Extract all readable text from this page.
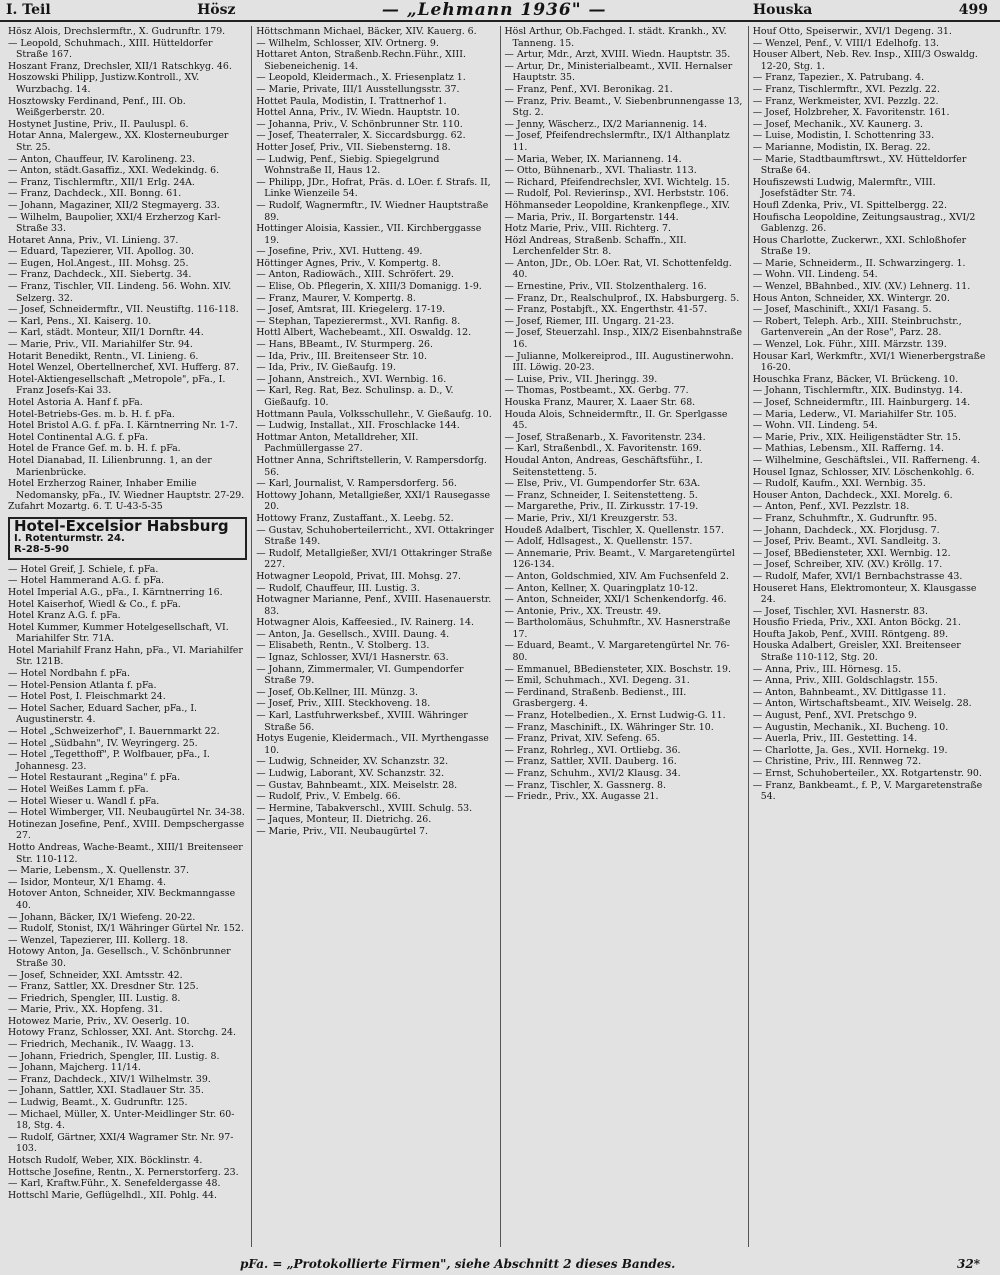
I. Teil	Hösz	— „Lehmann 1936" —	Houska	499

Hösz Alois, Drechslermftr., X. Gudrunftr. 179.

— Leopold, Schuhmach., XIII. Hütteldorfer Straße 167.

Hoszant Franz, Drechsler, XII/1 Ratschkyg. 46.

Hoszowski Philipp, Justizw.Kontroll., XV. Wurzbachg. 14.

Hosztowsky Ferdinand, Penf., III. Ob. Weißgerberstr. 20.

Hostynet Justine, Priv., II. Pauluspl. 6.

Hotar Anna, Malergew., XX. Klosterneuburger Str. 25.

— Anton, Chauffeur, IV. Karolineng. 23.

— Anton, städt.Gasaffiz., XXI. Wedekindg. 6.

— Franz, Tischlermftr., XII/1 Erlg. 24A.

— Franz, Dachdeck., XII. Bonng. 61.

— Johann, Magaziner, XII/2 Stegmayerg. 33.

— Wilhelm, Baupolier, XXI/4 Erzherzog Karl-Straße 33.

Hotaret Anna, Priv., VI. Linieng. 37.

— Eduard, Tapezierer, VII. Apollog. 30.

— Eugen, Hol.Angest., III. Mohsg. 25.

— Franz, Dachdeck., XII. Siebertg. 34.

— Franz, Tischler, VII. Lindeng. 56. Wohn. XIV. Selzerg. 32.

— Josef, Schneidermftr., VII. Neustiftg. 116-118.

— Karl, Pens., XI. Kaiserg. 10.

— Karl, städt. Monteur, XII/1 Dornftr. 44.

— Marie, Priv., VII. Mariahilfer Str. 94.

Hotarit Benedikt, Rentn., VI. Linieng. 6.

Hotel Wenzel, Obertellnerchef, XVI. Hufferg. 87.

Hotel-Aktiengesellschaft „Metropole", pFa., I. Franz Josefs-Kai 33.

Hotel Astoria A. Hanf f. pFa.

Hotel-Betriebs-Ges. m. b. H. f. pFa.

Hotel Bristol A.G. f. pFa. I. Kärntnerring Nr. 1-7.

Hotel Continental A.G. f. pFa.

Hotel de France Gef. m. b. H. f. pFa.

Hotel Dianabad, II. Lilienbrunng. 1, an der Marienbrücke.

Hotel Erzherzog Rainer, Inhaber Emilie Nedomansky, pFa., IV. Wiedner Hauptstr. 27-29.

Zufahrt Mozartg. 6. T. U-43-5-35

Hotel-Excelsior Habsburg
I. Rotenturmstr. 24.
R-28-5-90

— Hotel Greif, J. Schiele, f. pFa.

— Hotel Hammerand A.G. f. pFa.

Hotel Imperial A.G., pFa., I. Kärntnerring 16.

Hotel Kaiserhof, Wiedl & Co., f. pFa.

Hotel Kranz A.G. f. pFa.

Hotel Kummer, Kummer Hotelgesellschaft, VI. Mariahilfer Str. 71A.

Hotel Mariahilf Franz Hahn, pFa., VI. Mariahilfer Str. 121B.

— Hotel Nordbahn f. pFa.

— Hotel-Pension Atlanta f. pFa.

— Hotel Post, I. Fleischmarkt 24.

— Hotel Sacher, Eduard Sacher, pFa., I. Augustinerstr. 4.

— Hotel „Schweizerhof", I. Bauernmarkt 22.

— Hotel „Südbahn", IV. Weyringerg. 25.

— Hotel „Tegetthoff", P. Wolfbauer, pFa., I. Johannesg. 23.

— Hotel Restaurant „Regina" f. pFa.

— Hotel Weißes Lamm f. pFa.

— Hotel Wieser u. Wandl f. pFa.

— Hotel Wimberger, VII. Neubaugürtel Nr. 34-38.

Hotinezan Josefine, Penf., XVIII. Dempschergasse 27.

Hotto Andreas, Wache-Beamt., XIII/1 Breitenseer Str. 110-112.

— Marie, Lebensm., X. Quellenstr. 37.

— Isidor, Monteur, X/1 Ehamg. 4.

Hotover Anton, Schneider, XIV. Beckmanngasse 40.

— Johann, Bäcker, IX/1 Wiefeng. 20-22.

— Rudolf, Stonist, IX/1 Währinger Gürtel Nr. 152.

— Wenzel, Tapezierer, III. Kollerg. 18.

Hotowy Anton, Ja. Gesellsch., V. Schönbrunner Straße 30.

— Josef, Schneider, XXI. Amtsstr. 42.

— Franz, Sattler, XX. Dresdner Str. 125.

— Friedrich, Spengler, III. Lustig. 8.

— Marie, Priv., XX. Hopfeng. 31.

Hotowez Marie, Priv., XV. Oeserlg. 10.

Hotowy Franz, Schlosser, XXI. Ant. Storchg. 24.

— Friedrich, Mechanik., IV. Waagg. 13.

— Johann, Friedrich, Spengler, III. Lustig. 8.

— Johann, Majcherg. 11/14.

— Franz, Dachdeck., XIV/1 Wilhelmstr. 39.

— Johann, Sattler, XXI. Stadlauer Str. 35.

— Ludwig, Beamt., X. Gudrunftr. 125.

— Michael, Müller, X. Unter-Meidlinger Str. 60-18, Stg. 4.

— Rudolf, Gärtner, XXI/4 Wagramer Str. Nr. 97-103.

Hotsch Rudolf, Weber, XIX. Böcklinstr. 4.

Hottsche Josefine, Rentn., X. Pernerstorferg. 23.

— Karl, Kraftw.Führ., X. Senefeldergasse 48.

Hottschl Marie, Geflügelhdl., XII. Pohlg. 44.

Höttschmann Michael, Bäcker, XIV. Kauerg. 6.

— Wilhelm, Schlosser, XIV. Ortnerg. 9.

Hottaret Anton, Straßenb.Rechn.Führ., XIII. Siebeneichenig. 14.

— Leopold, Kleidermach., X. Friesenplatz 1.

— Marie, Private, III/1 Ausstellungsstr. 37.

Hottet Paula, Modistin, I. Trattnerhof 1.

Hottel Anna, Priv., IV. Wiedn. Hauptstr. 10.

— Johanna, Priv., V. Schönbrunner Str. 110.

— Josef, Theaterraler, X. Siccardsburgg. 62.

Hotter Josef, Priv., VII. Siebensterng. 18.

— Ludwig, Penf., Siebig. Spiegelgrund Wohnstraße II, Haus 12.

— Philipp, JDr., Hofrat, Präs. d. LOer. f. Strafs. II, Linke Wienzeile 54.

— Rudolf, Wagnermftr., IV. Wiedner Hauptstraße 89.

Hottinger Aloisia, Kassier., VII. Kirchberggasse 19.

— Josefine, Priv., XVI. Hutteng. 49.

Höttinger Agnes, Priv., V. Kompertg. 8.

— Anton, Radiowäch., XIII. Schröfert. 29.

— Elise, Ob. Pflegerin, X. XIII/3 Domanigg. 1-9.

— Franz, Maurer, V. Kompertg. 8.

— Josef, Amtsrat, III. Kriegelerg. 17-19.

— Stephan, Tapezierermst., XVI. Ranfig. 8.

Hottl Albert, Wachebeamt., XII. Oswaldg. 12.

— Hans, BBeamt., IV. Sturmperg. 26.

— Ida, Priv., III. Breitenseer Str. 10.

— Ida, Priv., IV. Gießaufg. 19.

— Johann, Anstreich., XVI. Wernbig. 16.

— Karl, Reg. Rat, Bez. Schulinsp. a. D., V. Gießaufg. 10.

Hottmann Paula, Volksschullehr., V. Gießaufg. 10.

— Ludwig, Installat., XII. Froschlacke 144.

Hottmar Anton, Metalldreher, XII. Pachmüllergasse 27.

Hottner Anna, Schriftstellerin, V. Rampersdorfg. 56.

— Karl, Journalist, V. Rampersdorferg. 56.

Hottowy Johann, Metallgießer, XXI/1 Rausegasse 20.

Hottowy Franz, Zustaffant., X. Leebg. 52.

— Gustav, Schuhoberteilerricht., XVI. Ottakringer Straße 149.

— Rudolf, Metallgießer, XVI/1 Ottakringer Straße 227.

Hotwagner Leopold, Privat, III. Mohsg. 27.

— Rudolf, Chauffeur, III. Lustig. 3.

Hotwagner Marianne, Penf., XVIII. Hasenauerstr. 83.

Hotwagner Alois, Kaffeesied., IV. Rainerg. 14.

— Anton, Ja. Gesellsch., XVIII. Daung. 4.

— Elisabeth, Rentn., V. Stolberg. 13.

— Ignaz, Schlosser, XVI/1 Hasnerstr. 63.

— Johann, Zimmermaler, VI. Gumpendorfer Straße 79.

— Josef, Ob.Kellner, III. Münzg. 3.

— Josef, Priv., XIII. Steckhoveng. 18.

— Karl, Lastfuhrwerksbef., XVIII. Währinger Straße 56.

Hotys Eugenie, Kleidermach., VII. Myrthengasse 10.

— Ludwig, Schneider, XV. Schanzstr. 32.

— Ludwig, Laborant, XV. Schanzstr. 32.

— Gustav, Bahnbeamt., XIX. Meiselstr. 28.

— Rudolf, Priv., V. Embelg. 66.

— Hermine, Tabakverschl., XVIII. Schulg. 53.

— Jaques, Monteur, II. Dietrichg. 26.

— Marie, Priv., VII. Neubaugürtel 7.

Hösl Arthur, Ob.Fachged. I. städt. Krankh., XV. Tanneng. 15.

— Artur, Mdr., Arzt, XVIII. Wiedn. Hauptstr. 35.

— Artur, Dr., Ministerialbeamt., XVII. Hernalser Hauptstr. 35.

— Franz, Penf., XVI. Beronikag. 21.

— Franz, Priv. Beamt., V. Siebenbrunnengasse 13, Stg. 2.

— Jenny, Wäscherz., IX/2 Mariannenig. 14.

— Josef, Pfeifendrechslermftr., IX/1 Althanplatz 11.

— Maria, Weber, IX. Marianneng. 14.

— Otto, Bühnenarb., XVI. Thaliastr. 113.

— Richard, Pfeifendrechsler, XVI. Wichtelg. 15.

— Rudolf, Pol. Revierinsp., XVI. Herbststr. 106.

Höhmanseder Leopoldine, Krankenpflege., XIV.

— Maria, Priv., II. Borgartenstr. 144.

Hotz Marie, Priv., VIII. Richterg. 7.

Hözl Andreas, Straßenb. Schaffn., XII. Lerchenfelder Str. 8.

— Anton, JDr., Ob. LOer. Rat, VI. Schottenfeldg. 40.

— Ernestine, Priv., VII. Stolzenthalerg. 16.

— Franz, Dr., Realschulprof., IX. Habsburgerg. 5.

— Franz, Postabjft., XX. Engerthstr. 41-57.

— Josef, Riemer, III. Ungarg. 21-23.

— Josef, Steuerzahl. Insp., XIX/2 Eisenbahnstraße 16.

— Julianne, Molkereiprod., III. Augustinerwohn. III. Löwig. 20-23.

— Luise, Priv., VII. Jheringg. 39.

— Thomas, Postbeamt., XX. Gerbg. 77.

Houska Franz, Maurer, X. Laaer Str. 68.

Houda Alois, Schneidermftr., II. Gr. Sperlgasse 45.

— Josef, Straßenarb., X. Favoritenstr. 234.

— Karl, Straßenbdl., X. Favoritenstr. 169.

Houdal Anton, Andreas, Geschäftsführ., I. Seitenstetteng. 5.

— Else, Priv., VI. Gumpendorfer Str. 63A.

— Franz, Schneider, I. Seitenstetteng. 5.

— Margarethe, Priv., II. Zirkusstr. 17-19.

— Marie, Priv., XI/1 Kreuzgerstr. 53.

Houdeß Adalbert, Tischler, X. Quellenstr. 157.

— Adolf, Hdlsagest., X. Quellenstr. 157.

— Annemarie, Priv. Beamt., V. Margaretengürtel 126-134.

— Anton, Goldschmied, XIV. Am Fuchsenfeld 2.

— Anton, Kellner, X. Quaringplatz 10-12.

— Anton, Schneider, XXI/1 Schenkendorfg. 46.

— Antonie, Priv., XX. Treustr. 49.

— Bartholomäus, Schuhmftr., XV. Hasnerstraße 17.

— Eduard, Beamt., V. Margaretengürtel Nr. 76-80.

— Emmanuel, BBediensteter, XIX. Boschstr. 19.

— Emil, Schuhmach., XVI. Degeng. 31.

— Ferdinand, Straßenb. Bedienst., III. Grasbergerg. 4.

— Franz, Hotelbedien., X. Ernst Ludwig-G. 11.

— Franz, Maschinift., IX. Währinger Str. 10.

— Franz, Privat, XIV. Sefeng. 65.

— Franz, Rohrleg., XVI. Ortliebg. 36.

— Franz, Sattler, XVII. Dauberg. 16.

— Franz, Schuhm., XVI/2 Klausg. 34.

— Franz, Tischler, X. Gassnerg. 8.

— Friedr., Priv., XX. Augasse 21.

Houf Otto, Speiserwir., XVI/1 Degeng. 31.

— Wenzel, Penf., V. VIII/1 Edelhofg. 13.

Houser Albert, Neb. Rev. Insp., XIII/3 Oswaldg. 12-20, Stg. 1.

— Franz, Tapezier., X. Patrubang. 4.

— Franz, Tischlermftr., XVI. Pezzlg. 22.

— Franz, Werkmeister, XVI. Pezzlg. 22.

— Josef, Holzbreher, X. Favoritenstr. 161.

— Josef, Mechanik., XV. Kaunerg. 3.

— Luise, Modistin, I. Schottenring 33.

— Marianne, Modistin, IX. Berag. 22.

— Marie, Stadtbaumftrswt., XV. Hütteldorfer Straße 64.

Houfiszewsti Ludwig, Malermftr., VIII. Josefstädter Str. 74.

Houfl Zdenka, Priv., VI. Spittelbergg. 22.

Houfischa Leopoldine, Zeitungsaustrag., XVI/2 Gablenzg. 26.

Hous Charlotte, Zuckerwr., XXI. Schloßhofer Straße 19.

— Marie, Schneiderm., II. Schwarzingerg. 1.

— Wohn. VII. Lindeng. 54.

— Wenzel, BBahnbed., XIV. (XV.) Lehnerg. 11.

Hous Anton, Schneider, XX. Wintergr. 20.

— Josef, Maschinift., XXI/1 Fasang. 5.

— Robert, Teleph. Arb., XIII. Steinbruchstr., Gartenverein „An der Rose", Parz. 28.

— Wenzel, Lok. Führ., XIII. Märzstr. 139.

Housar Karl, Werkmftr., XVI/1 Wienerbergstraße 16-20.

Houschka Franz, Bäcker, VI. Brückeng. 10.

— Johann, Tischlermftr., XIX. Budinstyg. 14.

— Josef, Schneidermftr., III. Hainburgerg. 14.

— Maria, Lederw., VI. Mariahilfer Str. 105.

— Wohn. VII. Lindeng. 54.

— Marie, Priv., XIX. Heiligenstädter Str. 15.

— Mathias, Lebensm., XII. Rafferng. 14.

— Wilhelmine, Geschäftslei., VII. Rafferneng. 4.

Housel Ignaz, Schlosser, XIV. Löschenkohlg. 6.

— Rudolf, Kaufm., XXI. Wernbig. 35.

Houser Anton, Dachdeck., XXI. Morelg. 6.

— Anton, Penf., XVI. Pezzlstr. 18.

— Franz, Schuhmftr., X. Gudrunftr. 95.

— Johann, Dachdeck., XX. Florjdusg. 7.

— Josef, Priv. Beamt., XVI. Sandleitg. 3.

— Josef, BBediensteter, XXI. Wernbig. 12.

— Josef, Schreiber, XIV. (XV.) Kröllg. 17.

— Rudolf, Mafer, XVI/1 Bernbachstrasse 43.

Houseret Hans, Elektromonteur, X. Klausgasse 24.

— Josef, Tischler, XVI. Hasnerstr. 83.

Housfio Frieda, Priv., XXI. Anton Böckg. 21.

Houfta Jakob, Penf., XVIII. Röntgeng. 89.

Houska Adalbert, Greisler, XXI. Breitenseer Straße 110-112, Stg. 20.

— Anna, Priv., III. Hörnesg. 15.

— Anna, Priv., XIII. Goldschlagstr. 155.

— Anton, Bahnbeamt., XV. Dittlgasse 11.

— Anton, Wirtschaftsbeamt., XIV. Weiselg. 28.

— August, Penf., XVI. Pretschgo 9.

— Augustin, Mechanik., XI. Bucheng. 10.

— Auerla, Priv., III. Gestetting. 14.

— Charlotte, Ja. Ges., XVII. Hornekg. 19.

— Christine, Priv., III. Rennweg 72.

— Ernst, Schuhoberteiler., XX. Rotgartenstr. 90.

— Franz, Bankbeamt., f. P., V. Margaretenstraße 54.

pFa. = „Protokollierte Firmen", siehe Abschnitt 2 dieses Bandes.	32*
